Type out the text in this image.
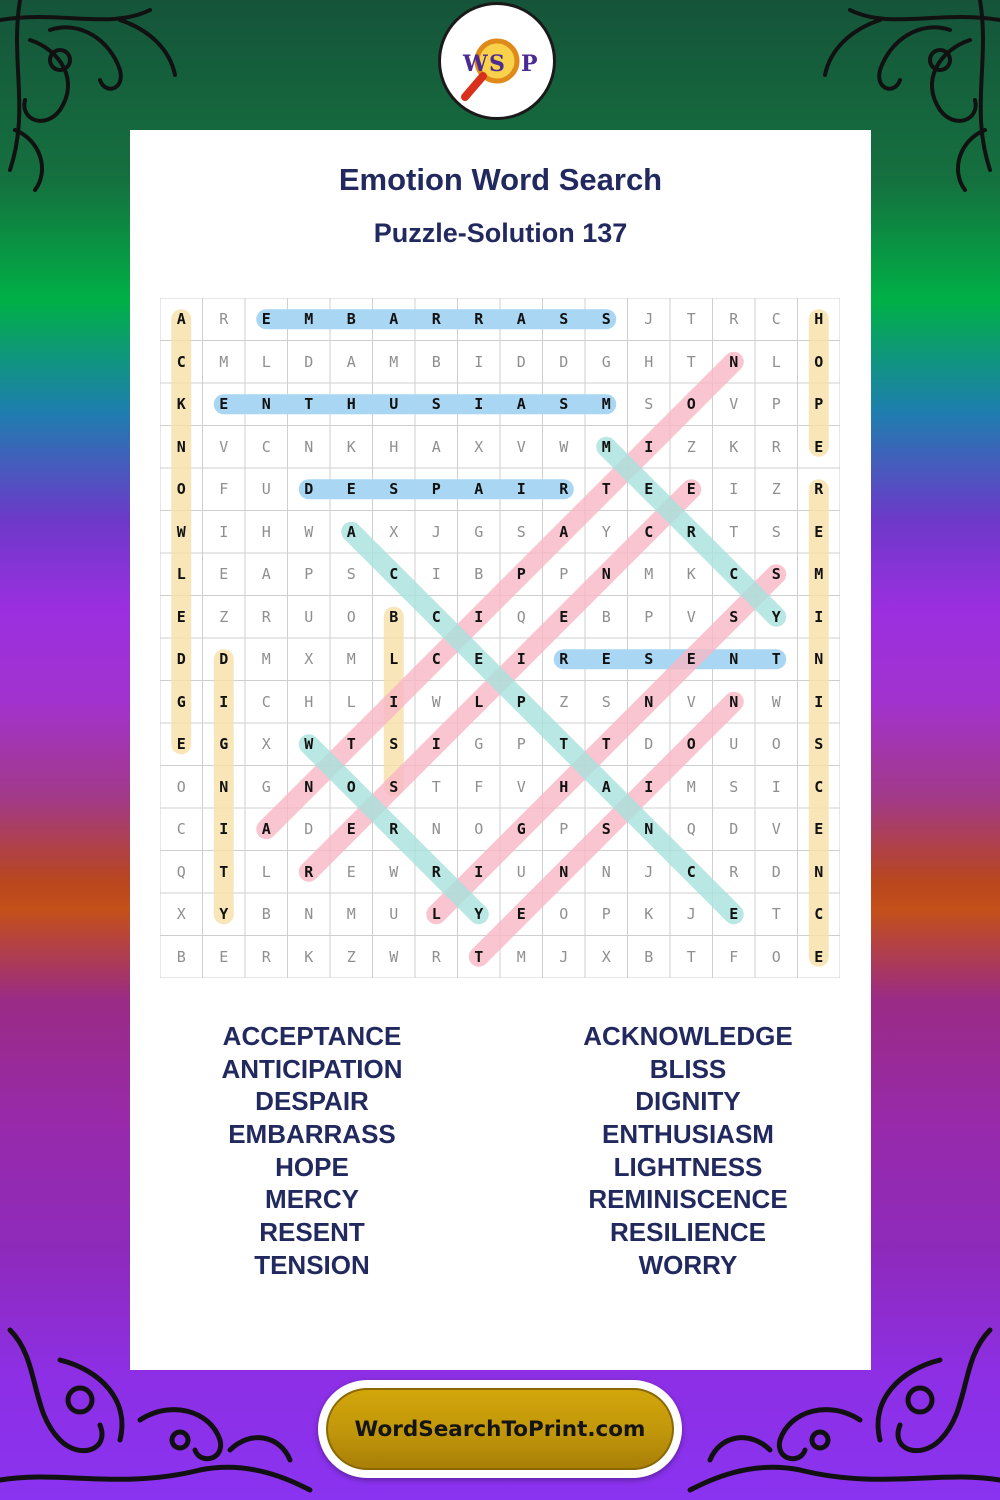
W S P
Emotion Word Search
Puzzle-Solution 137
A	R	E	M	B	A	R	R	A	S	S	J	T	R	C	H
C	M	L	D	A	M	B	I	D	D	G	H	T	N	L	O
K	E	N	T	H	U	S	I	A	S	M	S	O	V	P	P
N	V	C	N	K	H	A	X	V	W	M	I	Z	K	R	E
O	F	U	D	E	S	P	A	I	R	T	E	E	I	Z	R
W	I	H	W	A	X	J	G	S	A	Y	C	R	T	S	E
L	E	A	P	S	C	I	B	P	P	N	M	K	C	S	M
E	Z	R	U	O	B	C	I	Q	E	B	P	V	S	Y	I
D	D	M	X	M	L	C	E	I	R	E	S	E	N	T	N
G	I	C	H	L	I	W	L	P	Z	S	N	V	N	W	I
E	G	X	W	T	S	I	G	P	T	T	D	O	U	O	S
O	N	G	N	O	S	T	F	V	H	A	I	M	S	I	C
C	I	A	D	E	R	N	O	G	P	S	N	Q	D	V	E
Q	T	L	R	E	W	R	I	U	N	N	J	C	R	D	N
X	Y	B	N	M	U	L	Y	E	O	P	K	J	E	T	C
B	E	R	K	Z	W	R	T	M	J	X	B	T	F	O	E
ACCEPTANCE
ANTICIPATION
DESPAIR
EMBARRASS
HOPE
MERCY
RESENT
TENSION
ACKNOWLEDGE
BLISS
DIGNITY
ENTHUSIASM
LIGHTNESS
REMINISCENCE
RESILIENCE
WORRY
WordSearchToPrint.com
